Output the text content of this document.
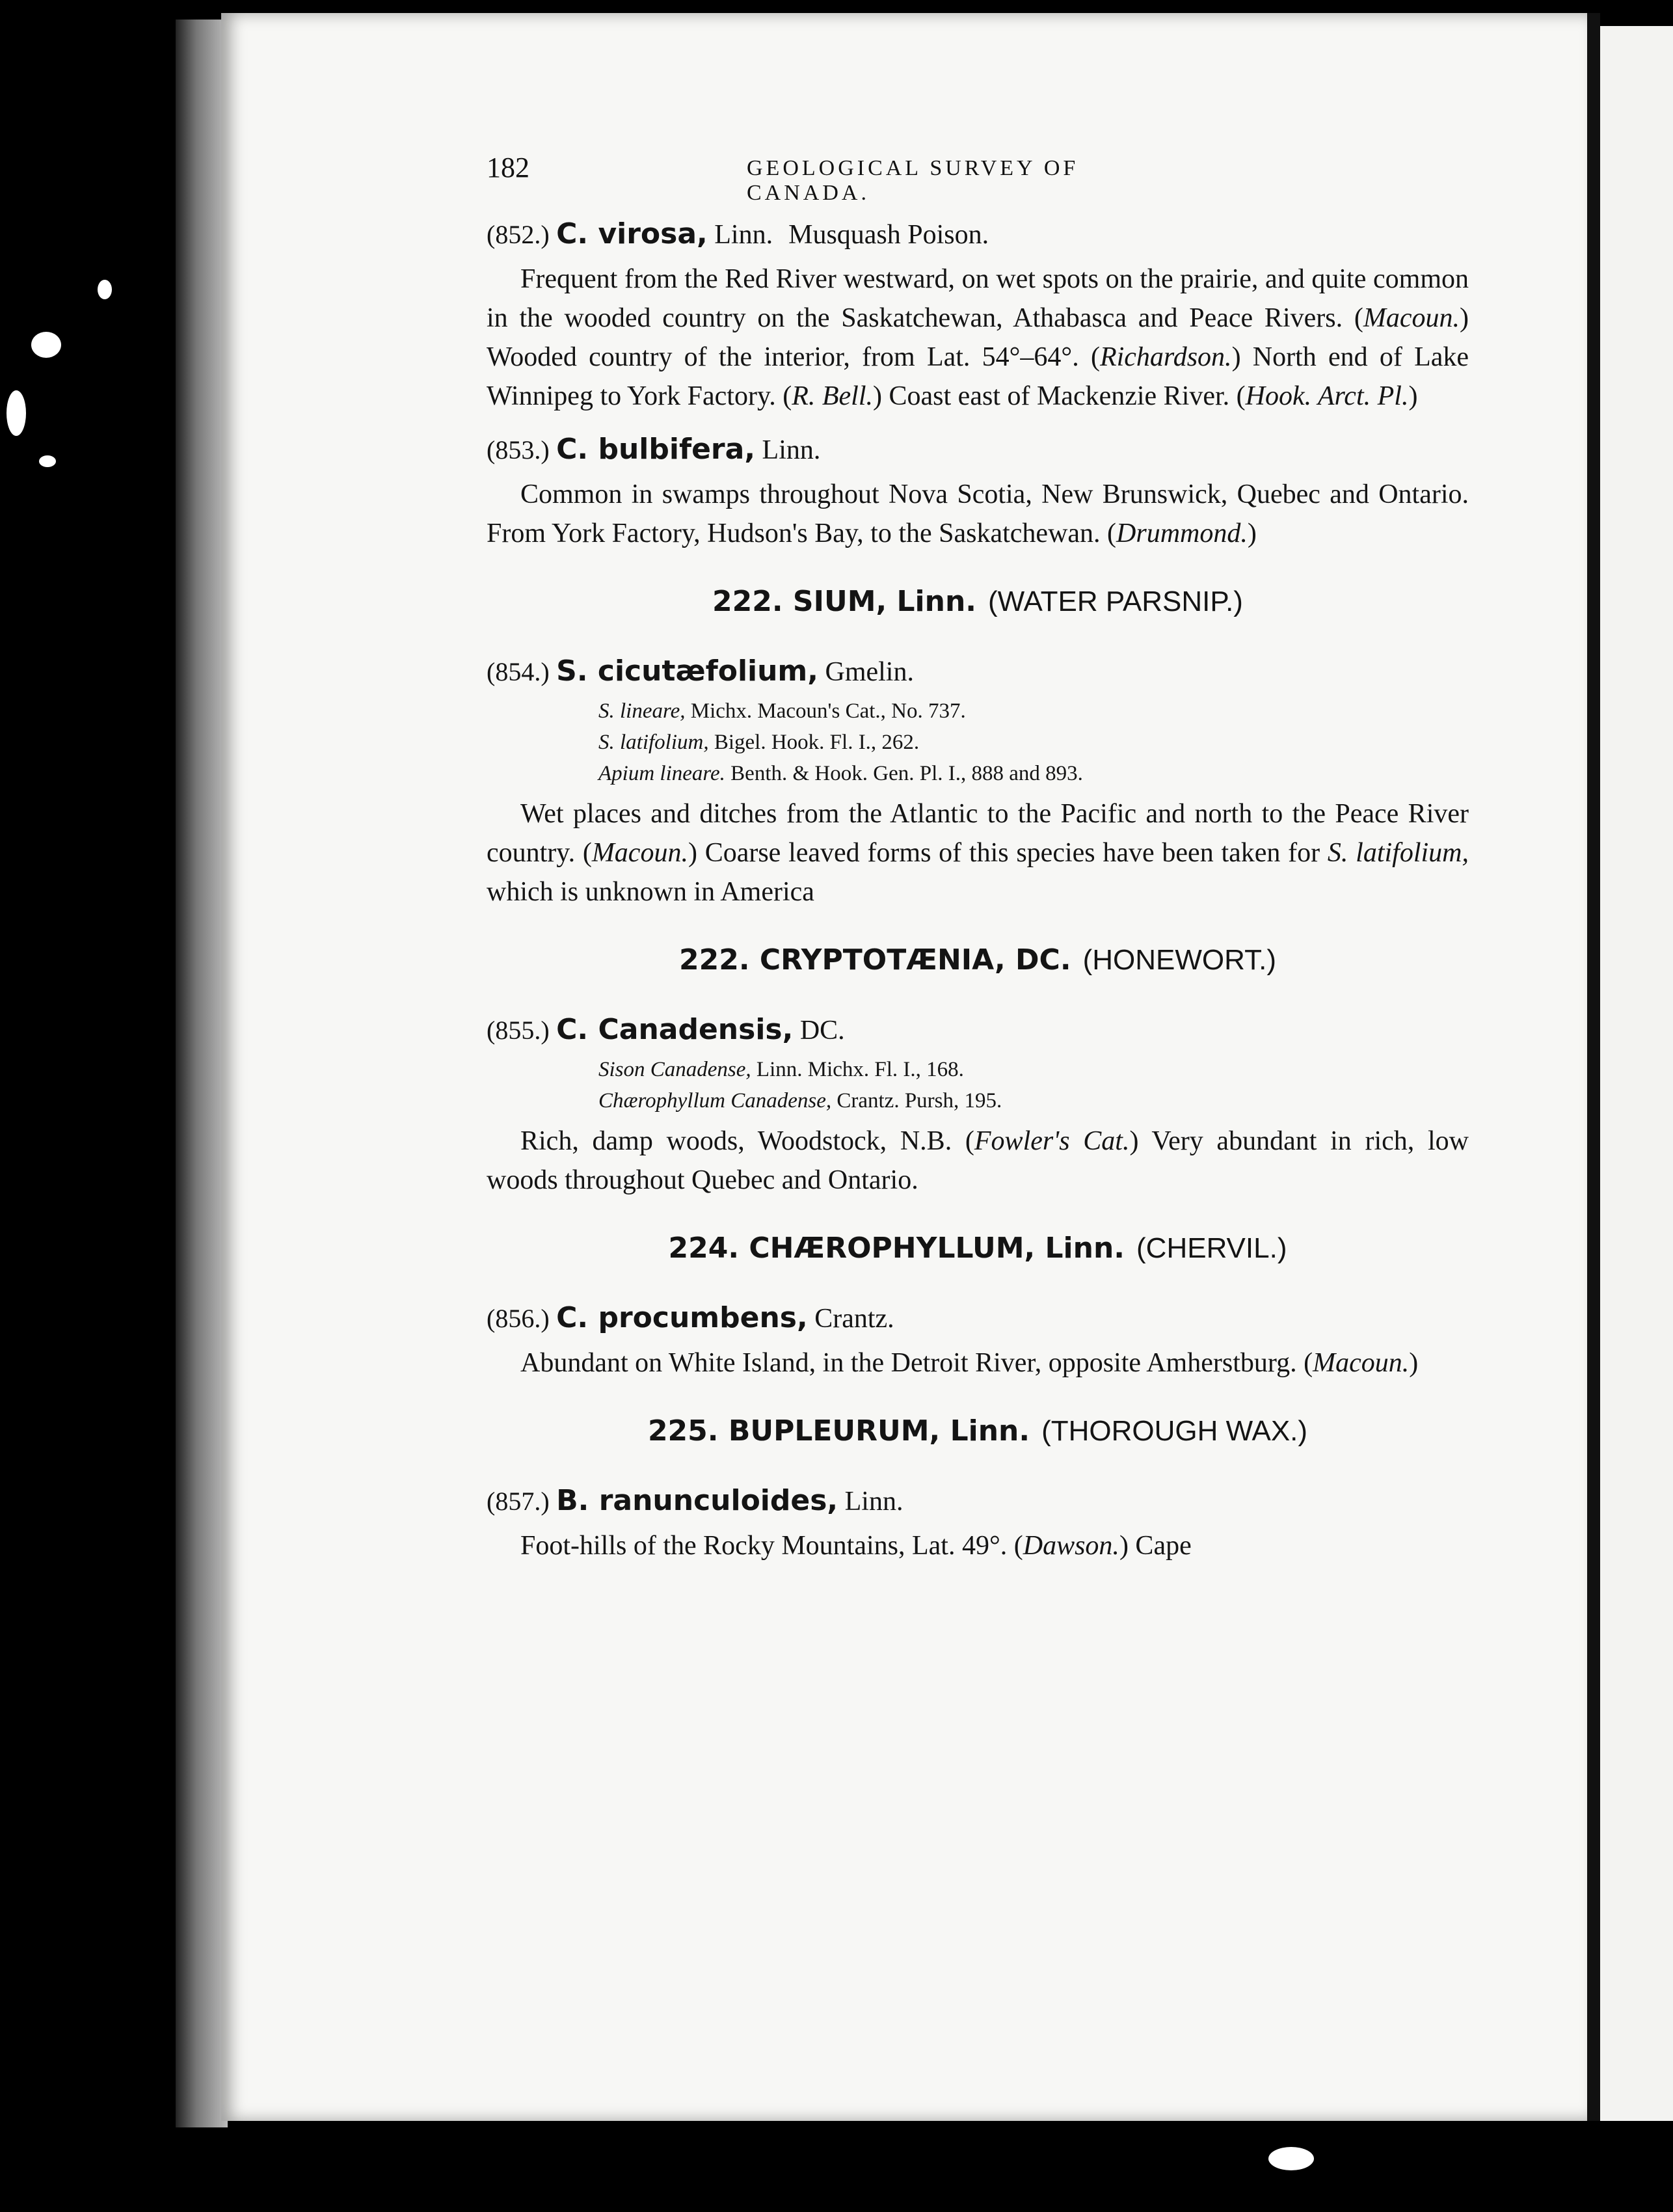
182	GEOLOGICAL SURVEY OF CANADA.
(852.) C. virosa, Linn. Musquash Poison.
Frequent from the Red River westward, on wet spots on the prairie, and quite common in the wooded country on the Saskatchewan, Athabasca and Peace Rivers. (Macoun.) Wooded country of the interior, from Lat. 54°–64°. (Richardson.) North end of Lake Winnipeg to York Factory. (R. Bell.) Coast east of Mackenzie River. (Hook. Arct. Pl.)
(853.) C. bulbifera, Linn.
Common in swamps throughout Nova Scotia, New Brunswick, Quebec and Ontario. From York Factory, Hudson's Bay, to the Saskatchewan. (Drummond.)
222. SIUM, Linn. (WATER PARSNIP.)
(854.) S. cicutæfolium, Gmelin.
S. lineare, Michx. Macoun's Cat., No. 737.
S. latifolium, Bigel. Hook. Fl. I., 262.
Apium lineare. Benth. & Hook. Gen. Pl. I., 888 and 893.
Wet places and ditches from the Atlantic to the Pacific and north to the Peace River country. (Macoun.) Coarse leaved forms of this species have been taken for S. latifolium, which is unknown in America
222. CRYPTOTÆNIA, DC. (HONEWORT.)
(855.) C. Canadensis, DC.
Sison Canadense, Linn. Michx. Fl. I., 168.
Chærophyllum Canadense, Crantz. Pursh, 195.
Rich, damp woods, Woodstock, N.B. (Fowler's Cat.) Very abundant in rich, low woods throughout Quebec and Ontario.
224. CHÆROPHYLLUM, Linn. (CHERVIL.)
(856.) C. procumbens, Crantz.
Abundant on White Island, in the Detroit River, opposite Amherstburg. (Macoun.)
225. BUPLEURUM, Linn. (THOROUGH WAX.)
(857.) B. ranunculoides, Linn.
Foot-hills of the Rocky Mountains, Lat. 49°. (Dawson.) Cape
